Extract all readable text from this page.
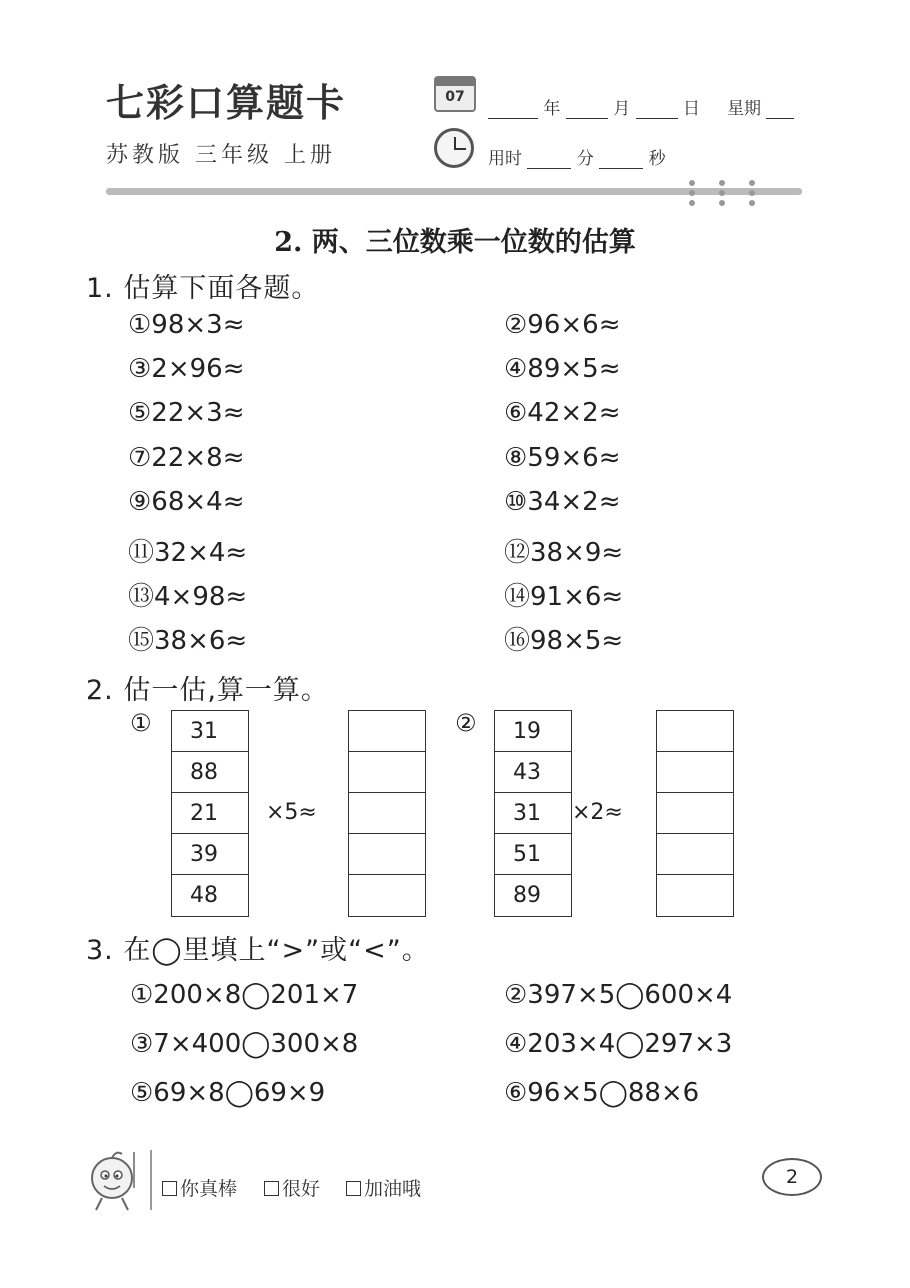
七彩口算题卡
苏教版 三年级 上册
07
年	月	日 星期
用时	分	秒
2. 两、三位数乘一位数的估算
1. 估算下面各题。
①98×3≈	②96×6≈
③2×96≈	④89×5≈
⑤22×3≈	⑥42×2≈
⑦22×8≈	⑧59×6≈
⑨68×4≈	⑩34×2≈
⑪32×4≈	⑫38×9≈
⑬4×98≈	⑭91×6≈
⑮38×6≈	⑯98×5≈
2. 估一估,算一算。
①	31
88
21
39
48
×5≈
②	19
43
31
51
89
×2≈
3. 在◯里填上“>”或“<”。
①200×8◯201×7	②397×5◯600×4
③7×400◯300×8	④203×4◯297×3
⑤69×8◯69×9	⑥96×5◯88×6
你真棒	很好	加油哦
2
